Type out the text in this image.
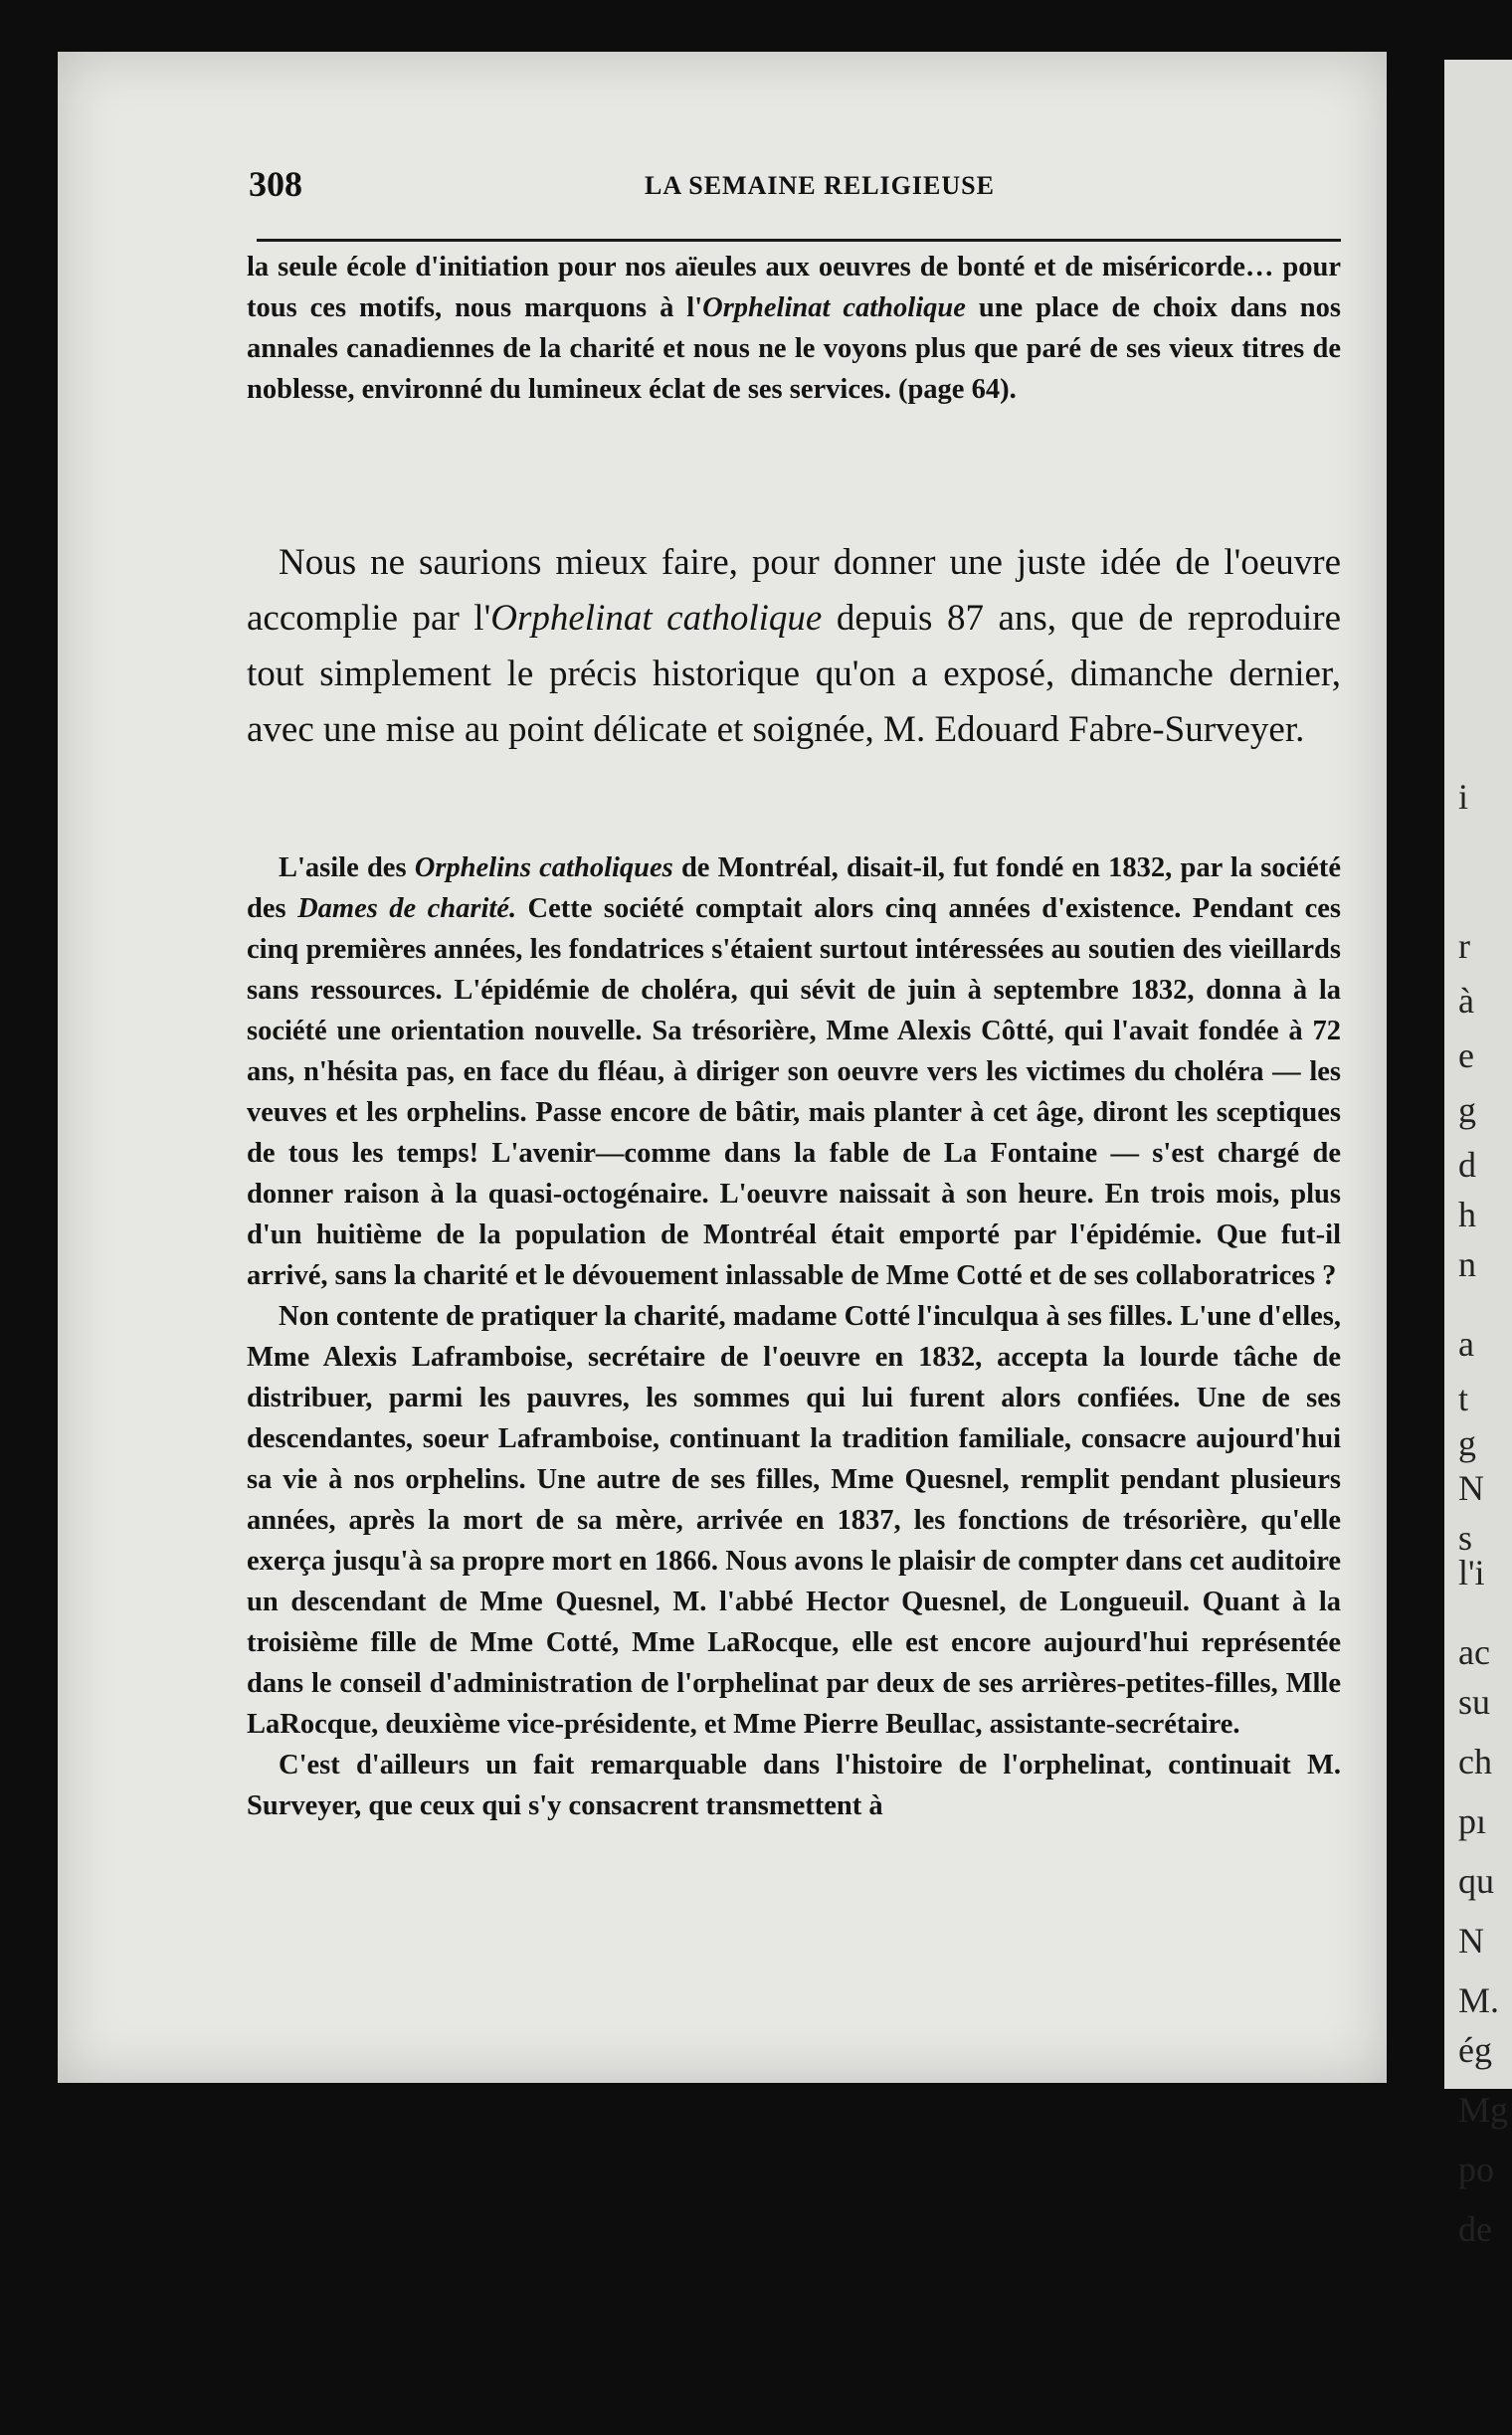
308	LA SEMAINE RELIGIEUSE

la seule école d'initiation pour nos aïeules aux oeuvres de bonté et de miséricorde… pour tous ces motifs, nous marquons à l'Orphelinat catholique une place de choix dans nos annales canadiennes de la charité et nous ne le voyons plus que paré de ses vieux titres de noblesse, environné du lumineux éclat de ses services. (page 64).

Nous ne saurions mieux faire, pour donner une juste idée de l'oeuvre accomplie par l'Orphelinat catholique depuis 87 ans, que de reproduire tout simplement le précis historique qu'on a exposé, dimanche dernier, avec une mise au point délicate et soignée, M. Edouard Fabre-Surveyer.

L'asile des Orphelins catholiques de Montréal, disait-il, fut fondé en 1832, par la société des Dames de charité. Cette société comptait alors cinq années d'existence. Pendant ces cinq premières années, les fondatrices s'étaient surtout intéressées au soutien des vieillards sans ressources. L'épidémie de choléra, qui sévit de juin à septembre 1832, donna à la société une orientation nouvelle. Sa trésorière, Mme Alexis Côtté, qui l'avait fondée à 72 ans, n'hésita pas, en face du fléau, à diriger son oeuvre vers les victimes du choléra — les veuves et les orphelins. Passe encore de bâtir, mais planter à cet âge, diront les sceptiques de tous les temps! L'avenir—comme dans la fable de La Fontaine — s'est chargé de donner raison à la quasi-octogénaire. L'oeuvre naissait à son heure. En trois mois, plus d'un huitième de la population de Montréal était emporté par l'épidémie. Que fut-il arrivé, sans la charité et le dévouement inlassable de Mme Cotté et de ses collaboratrices ?

Non contente de pratiquer la charité, madame Cotté l'inculqua à ses filles. L'une d'elles, Mme Alexis Laframboise, secrétaire de l'oeuvre en 1832, accepta la lourde tâche de distribuer, parmi les pauvres, les sommes qui lui furent alors confiées. Une de ses descendantes, soeur Laframboise, continuant la tradition familiale, consacre aujourd'hui sa vie à nos orphelins. Une autre de ses filles, Mme Quesnel, remplit pendant plusieurs années, après la mort de sa mère, arrivée en 1837, les fonctions de trésorière, qu'elle exerça jusqu'à sa propre mort en 1866. Nous avons le plaisir de compter dans cet auditoire un descendant de Mme Quesnel, M. l'abbé Hector Quesnel, de Longueuil. Quant à la troisième fille de Mme Cotté, Mme LaRocque, elle est encore aujourd'hui représentée dans le conseil d'administration de l'orphelinat par deux de ses arrières-petites-filles, Mlle LaRocque, deuxième vice-présidente, et Mme Pierre Beullac, assistante-secrétaire.

C'est d'ailleurs un fait remarquable dans l'histoire de l'orphelinat, continuait M. Surveyer, que ceux qui s'y consacrent transmettent à

i
r
à
e
g
d
h
n
a
t
g
N
s
l'i
ac
su
ch
pı
qu
N
M.
ég
Mg
po
de
